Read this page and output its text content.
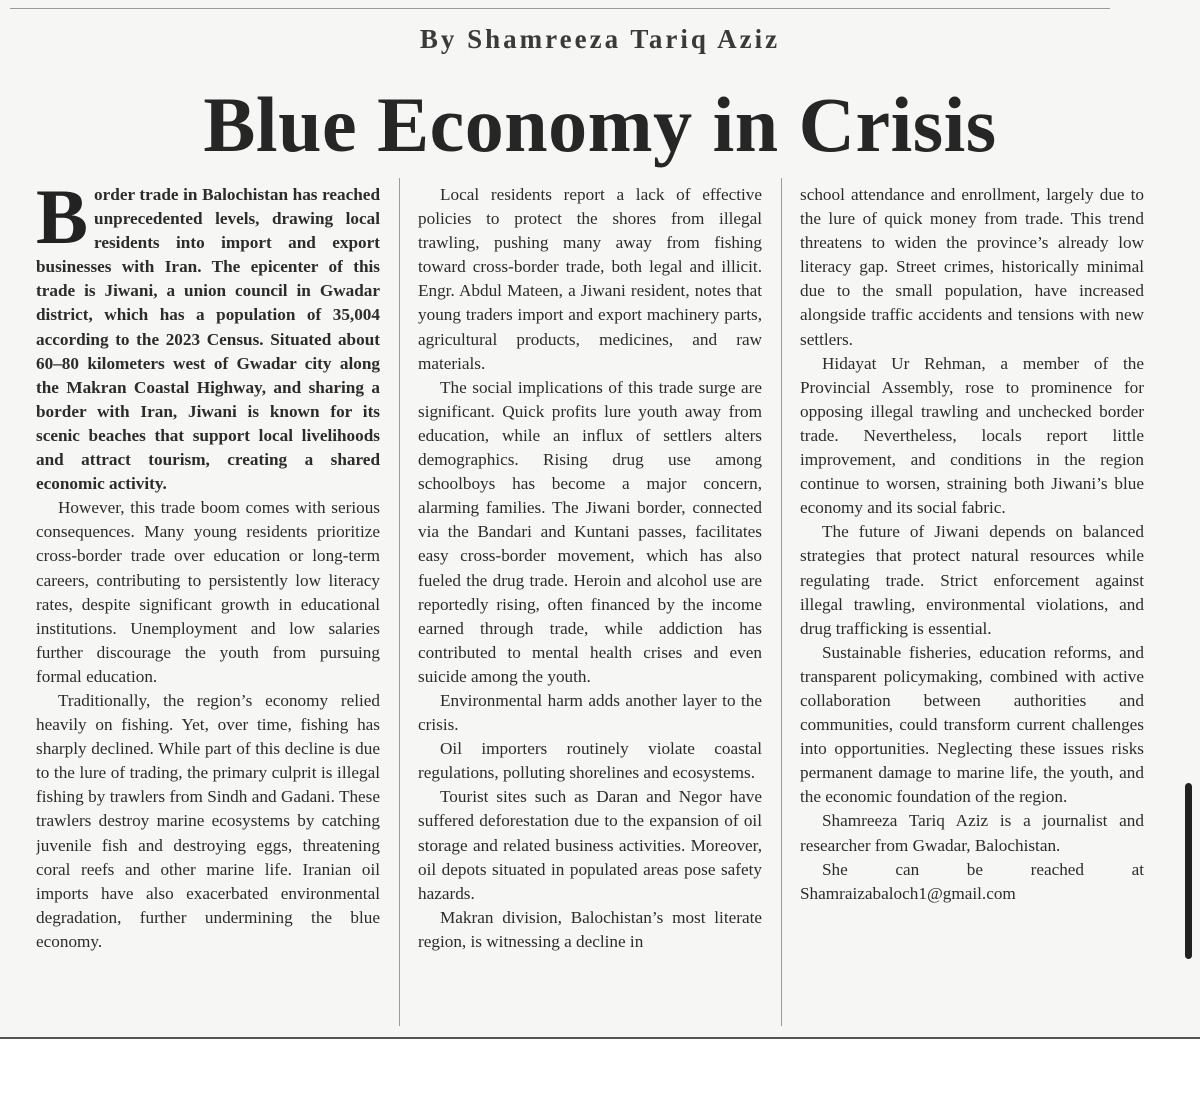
By Shamreeza Tariq Aziz
Blue Economy in Crisis

Border trade in Balochistan has reached unprecedented levels, drawing local residents into import and export businesses with Iran. The epicenter of this trade is Jiwani, a union council in Gwadar district, which has a population of 35,004 according to the 2023 Census. Situated about 60–80 kilometers west of Gwadar city along the Makran Coastal Highway, and sharing a border with Iran, Jiwani is known for its scenic beaches that support local livelihoods and attract tourism, creating a shared economic activity.

However, this trade boom comes with serious consequences. Many young residents prioritize cross-border trade over education or long-term careers, contributing to persistently low literacy rates, despite significant growth in educational institutions. Unemployment and low salaries further discourage the youth from pursuing formal education.

Traditionally, the region’s economy relied heavily on fishing. Yet, over time, fishing has sharply declined. While part of this decline is due to the lure of trading, the primary culprit is illegal fishing by trawlers from Sindh and Gadani. These trawlers destroy marine ecosystems by catching juvenile fish and destroying eggs, threatening coral reefs and other marine life. Iranian oil imports have also exacerbated environmental degradation, further undermining the blue economy.

Local residents report a lack of effective policies to protect the shores from illegal trawling, pushing many away from fishing toward cross-border trade, both legal and illicit. Engr. Abdul Mateen, a Jiwani resident, notes that young traders import and export machinery parts, agricultural products, medicines, and raw materials.

The social implications of this trade surge are significant. Quick profits lure youth away from education, while an influx of settlers alters demographics. Rising drug use among schoolboys has become a major concern, alarming families. The Jiwani border, connected via the Bandari and Kuntani passes, facilitates easy cross-border movement, which has also fueled the drug trade. Heroin and alcohol use are reportedly rising, often financed by the income earned through trade, while addiction has contributed to mental health crises and even suicide among the youth.

Environmental harm adds another layer to the crisis.

Oil importers routinely violate coastal regulations, polluting shorelines and ecosystems.

Tourist sites such as Daran and Negor have suffered deforestation due to the expansion of oil storage and related business activities. Moreover, oil depots situated in populated areas pose safety hazards.

Makran division, Balochistan’s most literate region, is witnessing a decline in

school attendance and enrollment, largely due to the lure of quick money from trade. This trend threatens to widen the province’s already low literacy gap. Street crimes, historically minimal due to the small population, have increased alongside traffic accidents and tensions with new settlers.

Hidayat Ur Rehman, a member of the Provincial Assembly, rose to prominence for opposing illegal trawling and unchecked border trade. Nevertheless, locals report little improvement, and conditions in the region continue to worsen, straining both Jiwani’s blue economy and its social fabric.

The future of Jiwani depends on balanced strategies that protect natural resources while regulating trade. Strict enforcement against illegal trawling, environmental violations, and drug trafficking is essential.

Sustainable fisheries, education reforms, and transparent policymaking, combined with active collaboration between authorities and communities, could transform current challenges into opportunities. Neglecting these issues risks permanent damage to marine life, the youth, and the economic foundation of the region.

Shamreeza Tariq Aziz is a journalist and researcher from Gwadar, Balochistan.

She can be reached at Shamraizabaloch1@gmail.com
